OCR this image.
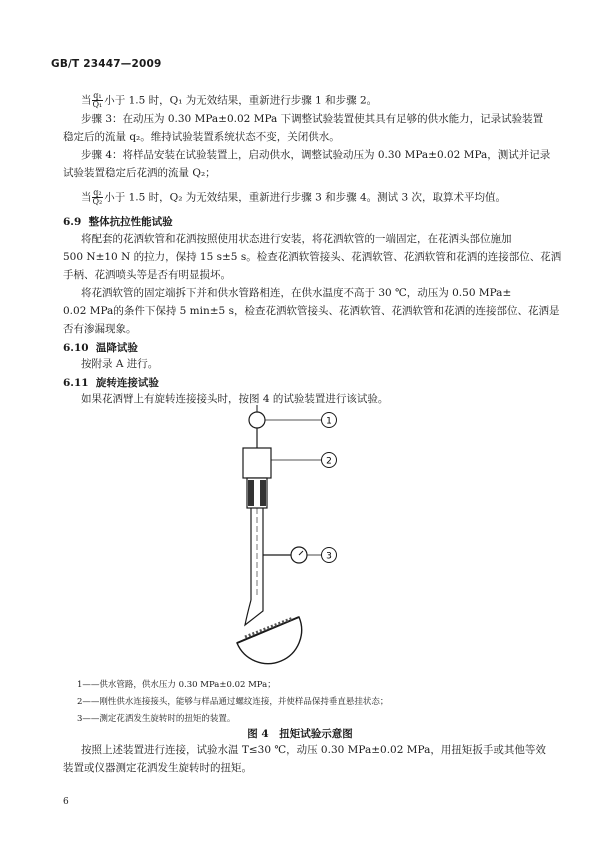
GB/T 23447—2009
当 $\frac{\text{q₁}}{\text{Q₁}}$ 小于 1.5 时，Q₁ 为无效结果，重新进行步骤 1 和步骤 2。
步骤 3：在动压为 0.30 MPa±0.02 MPa 下调整试验装置使其具有足够的供水能力，记录试验装置
稳定后的流量 q₂。维持试验装置系统状态不变，关闭供水。
步骤 4：将样品安装在试验装置上，启动供水，调整试验动压为 0.30 MPa±0.02 MPa，测试并记录
试验装置稳定后花洒的流量 Q₂；
当 $\frac{\text{q₂}}{\text{Q₂}}$ 小于 1.5 时，Q₂ 为无效结果，重新进行步骤 3 和步骤 4。测试 3 次，取算术平均值。
6.9 整体抗拉性能试验
将配套的花洒软管和花洒按照使用状态进行安装，将花洒软管的一端固定，在花洒头部位施加
500 N±10 N 的拉力，保持 15 s±5 s。检查花洒软管接头、花洒软管、花洒软管和花洒的连接部位、花洒
手柄、花洒喷头等是否有明显损坏。
将花洒软管的固定端拆下并和供水管路相连，在供水温度不高于 30 ℃，动压为 0.50 MPa±
0.02 MPa的条件下保持 5 min±5 s，检查花洒软管接头、花洒软管、花洒软管和花洒的连接部位、花洒是
否有渗漏现象。
6.10 温降试验
按附录 A 进行。
6.11 旋转连接试验
如果花洒臂上有旋转连接接头时，按图 4 的试验装置进行该试验。
1
2
3
1——供水管路，供水压力 0.30 MPa±0.02 MPa；
2——刚性供水连接接头，能够与样品通过螺纹连接，并使样品保持垂直悬挂状态；
3——测定花洒发生旋转时的扭矩的装置。
图 4　扭矩试验示意图
按照上述装置进行连接，试验水温 T≤30 ℃，动压 0.30 MPa±0.02 MPa，用扭矩扳手或其他等效
装置或仪器测定花洒发生旋转时的扭矩。
6
